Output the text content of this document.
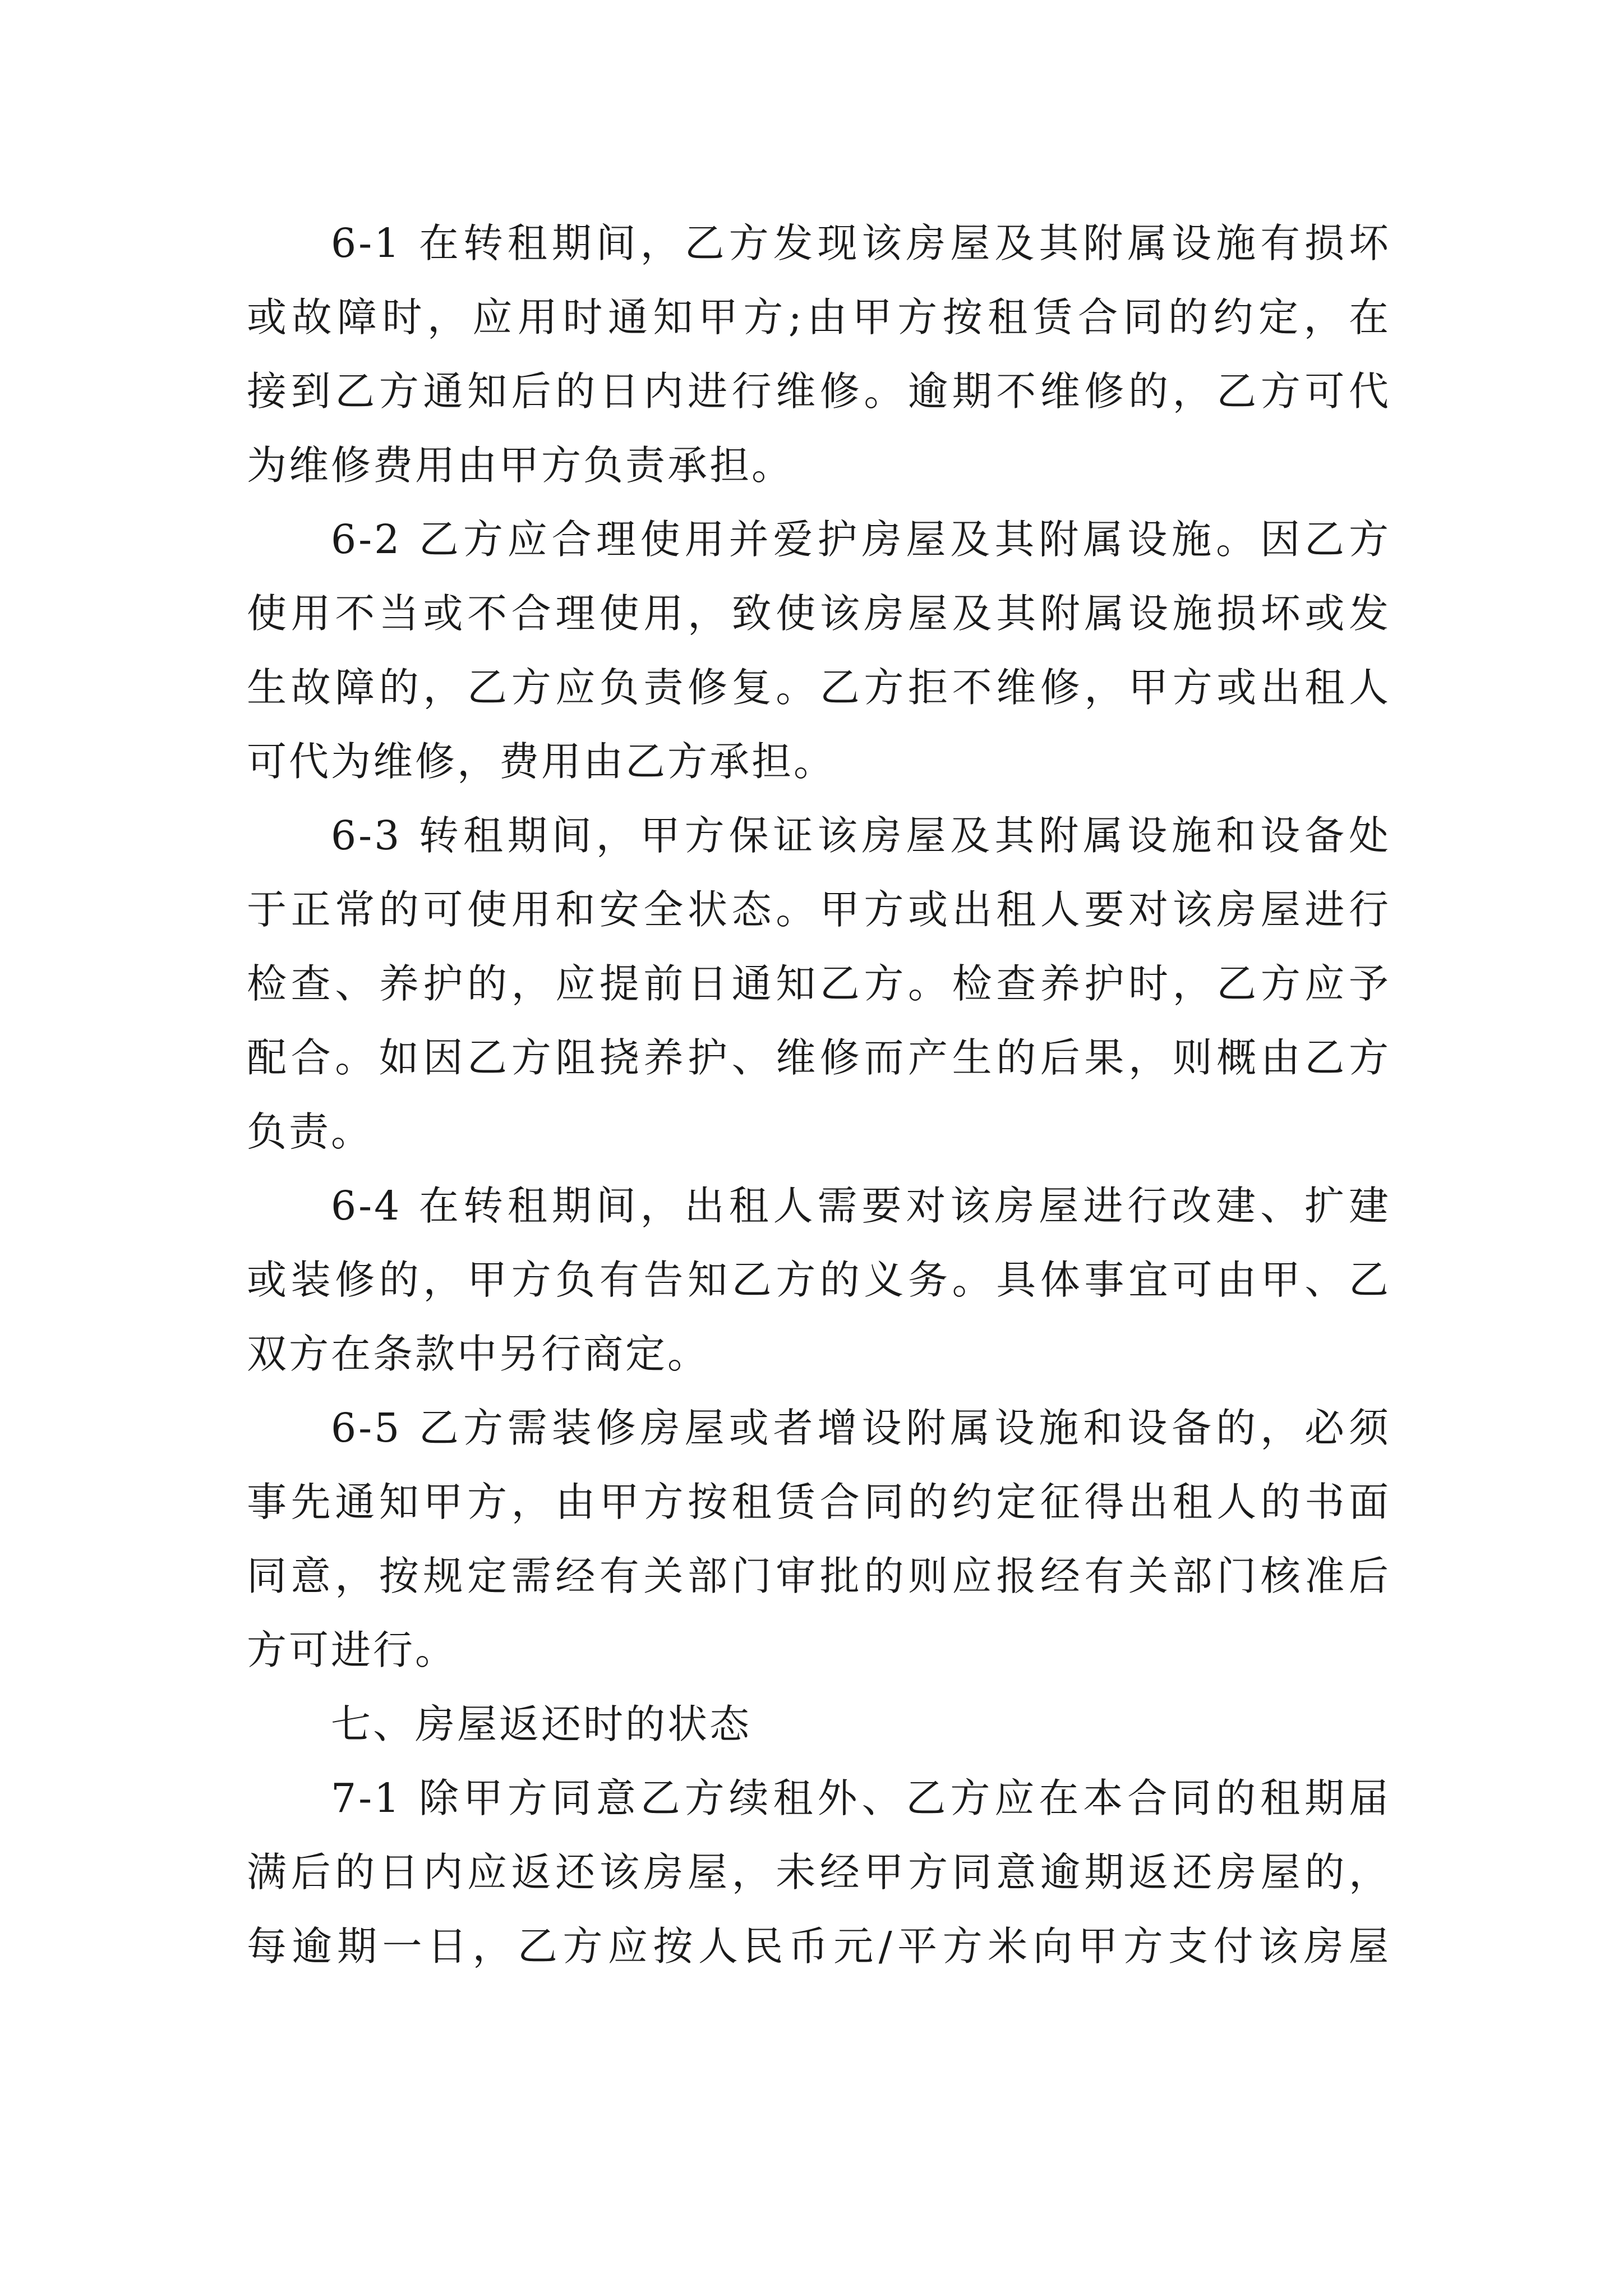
6-1 在转租期间，乙方发现该房屋及其附属设施有损坏
或故障时，应用时通知甲方;由甲方按租赁合同的约定，在
接到乙方通知后的日内进行维修。逾期不维修的，乙方可代
为维修费用由甲方负责承担。
6-2 乙方应合理使用并爱护房屋及其附属设施。因乙方
使用不当或不合理使用，致使该房屋及其附属设施损坏或发
生故障的，乙方应负责修复。乙方拒不维修，甲方或出租人
可代为维修，费用由乙方承担。
6-3 转租期间，甲方保证该房屋及其附属设施和设备处
于正常的可使用和安全状态。甲方或出租人要对该房屋进行
检查、养护的，应提前日通知乙方。检查养护时，乙方应予
配合。如因乙方阻挠养护、维修而产生的后果，则概由乙方
负责。
6-4 在转租期间，出租人需要对该房屋进行改建、扩建
或装修的，甲方负有告知乙方的义务。具体事宜可由甲、乙
双方在条款中另行商定。
6-5 乙方需装修房屋或者增设附属设施和设备的，必须
事先通知甲方，由甲方按租赁合同的约定征得出租人的书面
同意，按规定需经有关部门审批的则应报经有关部门核准后
方可进行。
七、房屋返还时的状态
7-1 除甲方同意乙方续租外、乙方应在本合同的租期届
满后的日内应返还该房屋，未经甲方同意逾期返还房屋的，
每逾期一日，乙方应按人民币元/平方米向甲方支付该房屋
